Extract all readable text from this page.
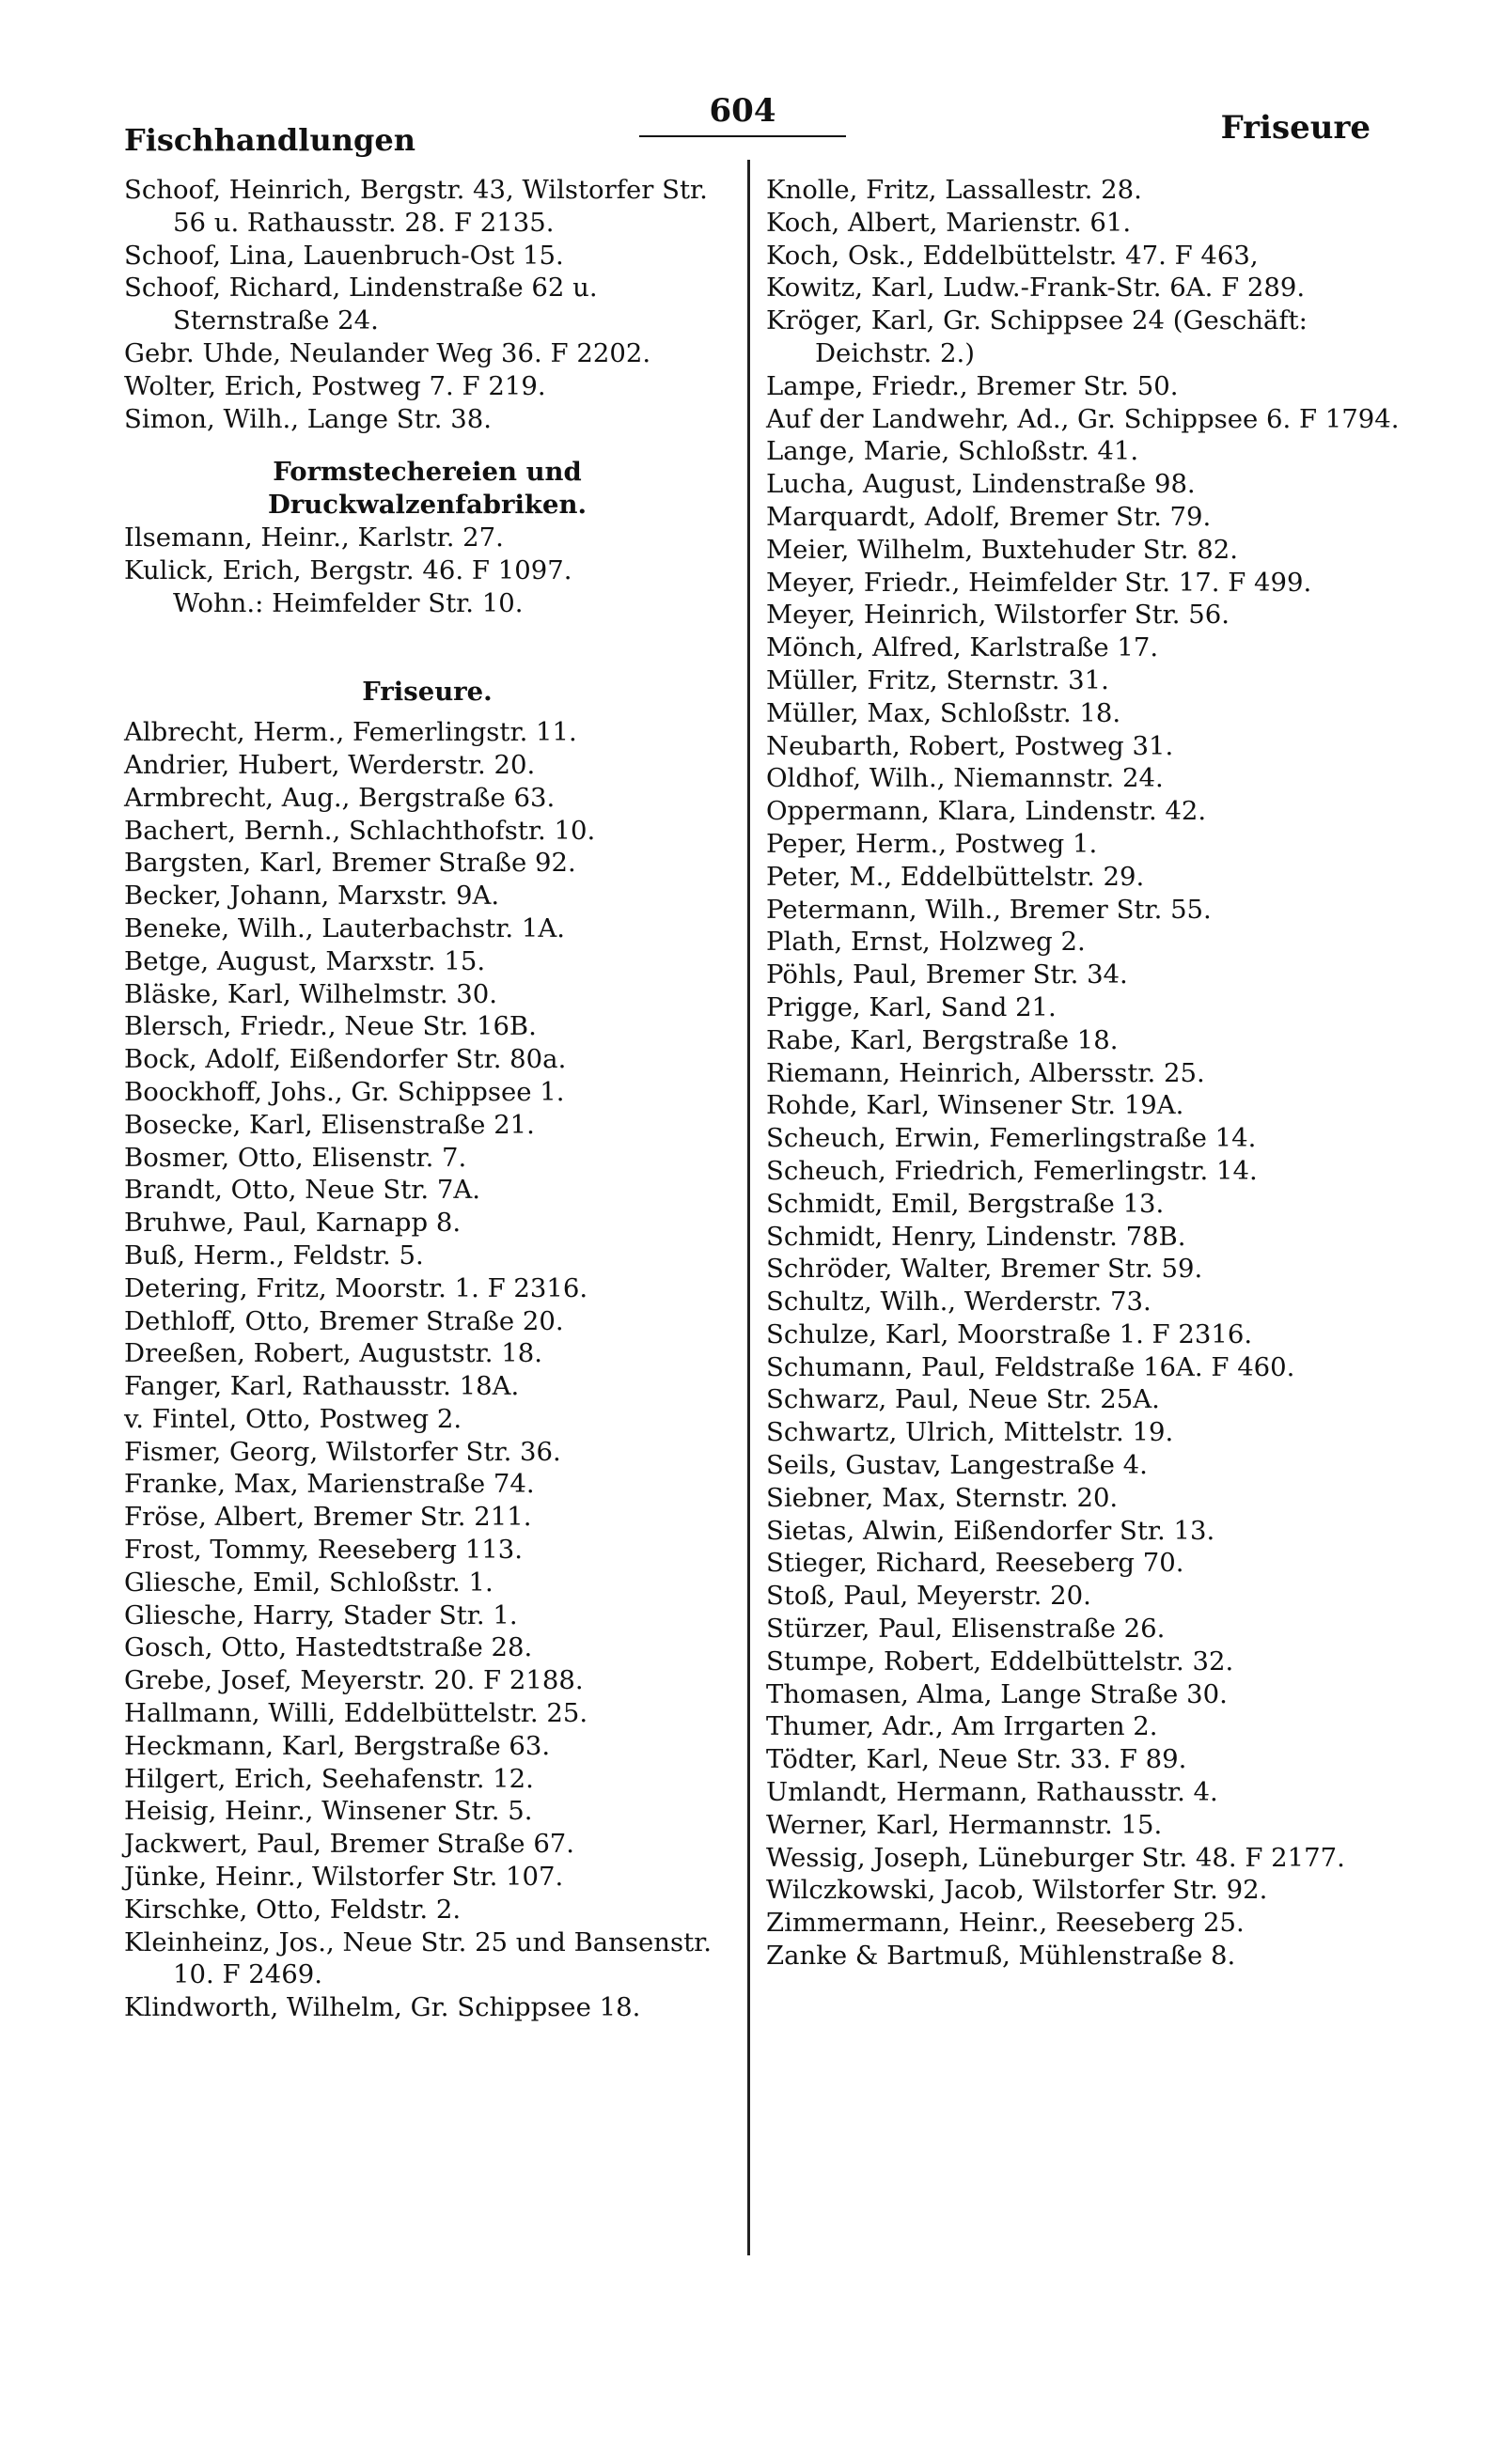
Fischhandlungen
604	Friseure
Schoof, Heinrich, Bergstr. 43, Wilstorfer Str. 56 u. Rathausstr. 28. F 2135.
Schoof, Lina, Lauenbruch-Ost 15.
Schoof, Richard, Lindenstraße 62 u. Sternstraße 24.
Gebr. Uhde, Neulander Weg 36. F 2202.
Wolter, Erich, Postweg 7. F 219.
Simon, Wilh., Lange Str. 38.
Formstechereien und Druckwalzenfabriken.
Ilsemann, Heinr., Karlstr. 27.
Kulick, Erich, Bergstr. 46. F 1097.
Wohn.: Heimfelder Str. 10.
Friseure.
Albrecht, Herm., Femerlingstr. 11.
Andrier, Hubert, Werderstr. 20.
Armbrecht, Aug., Bergstraße 63.
Bachert, Bernh., Schlachthofstr. 10.
Bargsten, Karl, Bremer Straße 92.
Becker, Johann, Marxstr. 9A.
Beneke, Wilh., Lauterbachstr. 1A.
Betge, August, Marxstr. 15.
Bläske, Karl, Wilhelmstr. 30.
Blersch, Friedr., Neue Str. 16B.
Bock, Adolf, Eißendorfer Str. 80a.
Boockhoff, Johs., Gr. Schippsee 1.
Bosecke, Karl, Elisenstraße 21.
Bosmer, Otto, Elisenstr. 7.
Brandt, Otto, Neue Str. 7A.
Bruhwe, Paul, Karnapp 8.
Buß, Herm., Feldstr. 5.
Detering, Fritz, Moorstr. 1. F 2316.
Dethloff, Otto, Bremer Straße 20.
Dreeßen, Robert, Auguststr. 18.
Fanger, Karl, Rathausstr. 18A.
v. Fintel, Otto, Postweg 2.
Fismer, Georg, Wilstorfer Str. 36.
Franke, Max, Marienstraße 74.
Fröse, Albert, Bremer Str. 211.
Frost, Tommy, Reeseberg 113.
Gliesche, Emil, Schloßstr. 1.
Gliesche, Harry, Stader Str. 1.
Gosch, Otto, Hastedtstraße 28.
Grebe, Josef, Meyerstr. 20. F 2188.
Hallmann, Willi, Eddelbüttelstr. 25.
Heckmann, Karl, Bergstraße 63.
Hilgert, Erich, Seehafenstr. 12.
Heisig, Heinr., Winsener Str. 5.
Jackwert, Paul, Bremer Straße 67.
Jünke, Heinr., Wilstorfer Str. 107.
Kirschke, Otto, Feldstr. 2.
Kleinheinz, Jos., Neue Str. 25 und Bansenstr. 10. F 2469.
Klindworth, Wilhelm, Gr. Schippsee 18.
Knolle, Fritz, Lassallestr. 28.
Koch, Albert, Marienstr. 61.
Koch, Osk., Eddelbüttelstr. 47. F 463,
Kowitz, Karl, Ludw.-Frank-Str. 6A. F 289.
Kröger, Karl, Gr. Schippsee 24 (Geschäft: Deichstr. 2.)
Lampe, Friedr., Bremer Str. 50.
Auf der Landwehr, Ad., Gr. Schippsee 6. F 1794.
Lange, Marie, Schloßstr. 41.
Lucha, August, Lindenstraße 98.
Marquardt, Adolf, Bremer Str. 79.
Meier, Wilhelm, Buxtehuder Str. 82.
Meyer, Friedr., Heimfelder Str. 17. F 499.
Meyer, Heinrich, Wilstorfer Str. 56.
Mönch, Alfred, Karlstraße 17.
Müller, Fritz, Sternstr. 31.
Müller, Max, Schloßstr. 18.
Neubarth, Robert, Postweg 31.
Oldhof, Wilh., Niemannstr. 24.
Oppermann, Klara, Lindenstr. 42.
Peper, Herm., Postweg 1.
Peter, M., Eddelbüttelstr. 29.
Petermann, Wilh., Bremer Str. 55.
Plath, Ernst, Holzweg 2.
Pöhls, Paul, Bremer Str. 34.
Prigge, Karl, Sand 21.
Rabe, Karl, Bergstraße 18.
Riemann, Heinrich, Albersstr. 25.
Rohde, Karl, Winsener Str. 19A.
Scheuch, Erwin, Femerlingstraße 14.
Scheuch, Friedrich, Femerlingstr. 14.
Schmidt, Emil, Bergstraße 13.
Schmidt, Henry, Lindenstr. 78B.
Schröder, Walter, Bremer Str. 59.
Schultz, Wilh., Werderstr. 73.
Schulze, Karl, Moorstraße 1. F 2316.
Schumann, Paul, Feldstraße 16A. F 460.
Schwarz, Paul, Neue Str. 25A.
Schwartz, Ulrich, Mittelstr. 19.
Seils, Gustav, Langestraße 4.
Siebner, Max, Sternstr. 20.
Sietas, Alwin, Eißendorfer Str. 13.
Stieger, Richard, Reeseberg 70.
Stoß, Paul, Meyerstr. 20.
Stürzer, Paul, Elisenstraße 26.
Stumpe, Robert, Eddelbüttelstr. 32.
Thomasen, Alma, Lange Straße 30.
Thumer, Adr., Am Irrgarten 2.
Tödter, Karl, Neue Str. 33. F 89.
Umlandt, Hermann, Rathausstr. 4.
Werner, Karl, Hermannstr. 15.
Wessig, Joseph, Lüneburger Str. 48. F 2177.
Wilczkowski, Jacob, Wilstorfer Str. 92.
Zimmermann, Heinr., Reeseberg 25.
Zanke & Bartmuß, Mühlenstraße 8.
